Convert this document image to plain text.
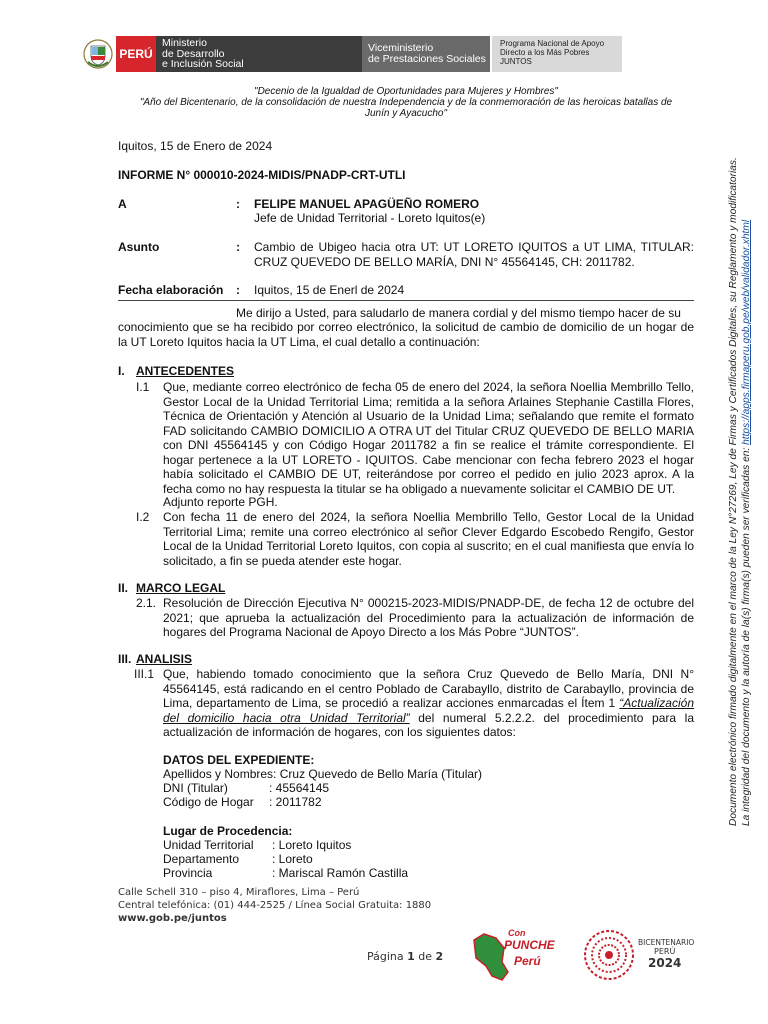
PERÚ
Ministerio
de Desarrollo
e Inclusión Social
Viceministerio
de Prestaciones Sociales
Programa Nacional de Apoyo
Directo a los Más Pobres
JUNTOS
"Decenio de la Igualdad de Oportunidades para Mujeres y Hombres"
"Año del Bicentenario, de la consolidación de nuestra Independencia y de la conmemoración de las heroicas batallas de
Junín y Ayacucho"
Iquitos, 15 de Enero de 2024
INFORME N° 000010-2024-MIDIS/PNADP-CRT-UTLI
A	: FELIPE MANUEL APAGÜEÑO ROMERO
Jefe de Unidad Territorial - Loreto Iquitos(e)
Asunto	: Cambio de Ubigeo hacia otra UT: UT LORETO IQUITOS a UT LIMA, TITULAR: CRUZ QUEVEDO DE BELLO MARÍA, DNI N° 45564145, CH: 2011782.
Fecha elaboración : Iquitos, 15 de Enerl de 2024
Me dirijo a Usted, para saludarlo de manera cordial y del mismo tiempo hacer de su
conocimiento que se ha recibido por correo electrónico, la solicitud de cambio de domicilio de un hogar de la UT Loreto Iquitos hacia la UT Lima, el cual detallo a continuación:
I. ANTECEDENTES
I.1 Que, mediante correo electrónico de fecha 05 de enero del 2024, la señora Noellia Membrillo Tello, Gestor Local de la Unidad Territorial Lima; remitida a la señora Arlaines Stephanie Castilla Flores, Técnica de Orientación y Atención al Usuario de la Unidad Lima; señalando que remite el formato FAD solicitando CAMBIO DOMICILIO A OTRA UT del Titular CRUZ QUEVEDO DE BELLO MARIA con DNI 45564145 y con Código Hogar 2011782 a fin se realice el trámite correspondiente. El hogar pertenece a la UT LORETO - IQUITOS. Cabe mencionar con fecha febrero 2023 el hogar había solicitado el CAMBIO DE UT, reiterándose por correo el pedido en julio 2023 aprox. A la fecha como no hay respuesta la titular se ha obligado a nuevamente solicitar el CAMBIO DE UT.
Adjunto reporte PGH.
I.2 Con fecha 11 de enero del 2024, la señora Noellia Membrillo Tello, Gestor Local de la Unidad Territorial Lima; remite una correo electrónico al señor Clever Edgardo Escobedo Rengifo, Gestor Local de la Unidad Territorial Loreto Iquitos, con copia al suscrito; en el cual manifiesta que envía lo solicitado, a fin se pueda atender este hogar.
II. MARCO LEGAL
2.1. Resolución de Dirección Ejecutiva N° 000215-2023-MIDIS/PNADP-DE, de fecha 12 de octubre del 2021; que aprueba la actualización del Procedimiento para la actualización de información de hogares del Programa Nacional de Apoyo Directo a los Más Pobre “JUNTOS”.
III. ANALISIS
III.1 Que, habiendo tomado conocimiento que la señora Cruz Quevedo de Bello María, DNI N° 45564145, está radicando en el centro Poblado de Carabayllo, distrito de Carabayllo, provincia de Lima, departamento de Lima, se procedió a realizar acciones enmarcadas el Ítem 1 “Actualización del domicilio hacia otra Unidad Territorial” del numeral 5.2.2.2. del procedimiento para la actualización de información de hogares, con los siguientes datos:
DATOS DEL EXPEDIENTE:
Apellidos y Nombres: Cruz Quevedo de Bello María (Titular)
DNI (Titular)	: 45564145
Código de Hogar : 2011782
Lugar de Procedencia:
Unidad Territorial : Loreto Iquitos
Departamento	: Loreto
Provincia	: Mariscal Ramón Castilla
Calle Schell 310 – piso 4, Miraflores, Lima – Perú
Central telefónica: (01) 444-2525 / Línea Social Gratuita: 1880
www.gob.pe/juntos
Página 1 de 2
Con
PUNCHE
Perú
BICENTENARIO
PERÚ
2024
Documento electrónico firmado digitalmente en el marco de la Ley N°27269, Ley de Firmas y Certificados Digitales, su Reglamento y modificatorias. La integridad del documento y la autoría de la(s) firma(s) pueden ser verificadas en: https://apps.firmaperu.gob.pe/web/validador.xhtml
